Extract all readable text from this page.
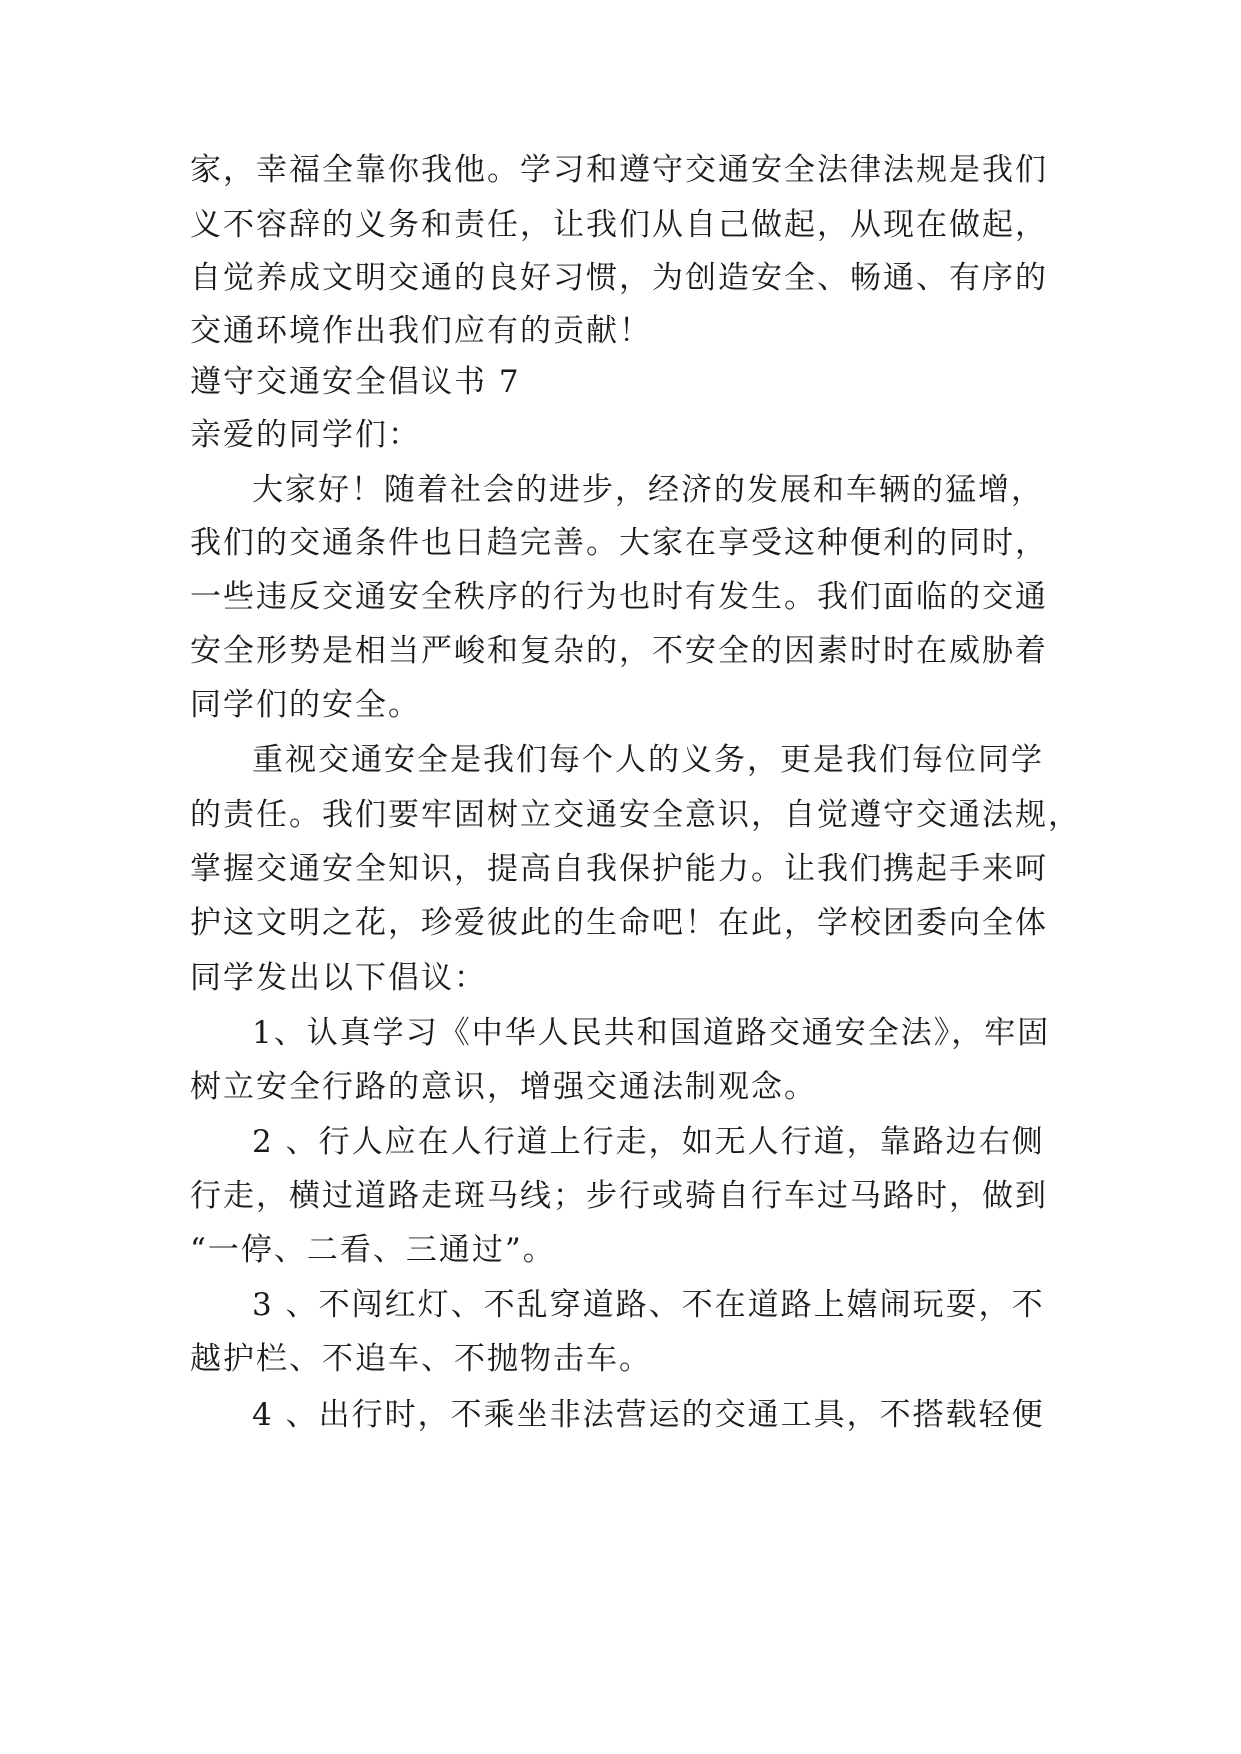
家，幸福全靠你我他。学习和遵守交通安全法律法规是我们
义不容辞的义务和责任，让我们从自己做起，从现在做起，
自觉养成文明交通的良好习惯，为创造安全、畅通、有序的
交通环境作出我们应有的贡献！
遵守交通安全倡议书 7
亲爱的同学们：
大家好！随着社会的进步，经济的发展和车辆的猛增，
我们的交通条件也日趋完善。大家在享受这种便利的同时，
一些违反交通安全秩序的行为也时有发生。我们面临的交通
安全形势是相当严峻和复杂的，不安全的因素时时在威胁着
同学们的安全。
重视交通安全是我们每个人的义务，更是我们每位同学
的责任。我们要牢固树立交通安全意识，自觉遵守交通法规，
掌握交通安全知识，提高自我保护能力。让我们携起手来呵
护这文明之花，珍爱彼此的生命吧！在此，学校团委向全体
同学发出以下倡议：
1、认真学习《中华人民共和国道路交通安全法》，牢固
树立安全行路的意识，增强交通法制观念。
2 、行人应在人行道上行走，如无人行道，靠路边右侧
行走，横过道路走斑马线；步行或骑自行车过马路时，做到
“一停、二看、三通过”。
3 、不闯红灯、不乱穿道路、不在道路上嬉闹玩耍，不
越护栏、不追车、不抛物击车。
4 、出行时，不乘坐非法营运的交通工具，不搭载轻便
